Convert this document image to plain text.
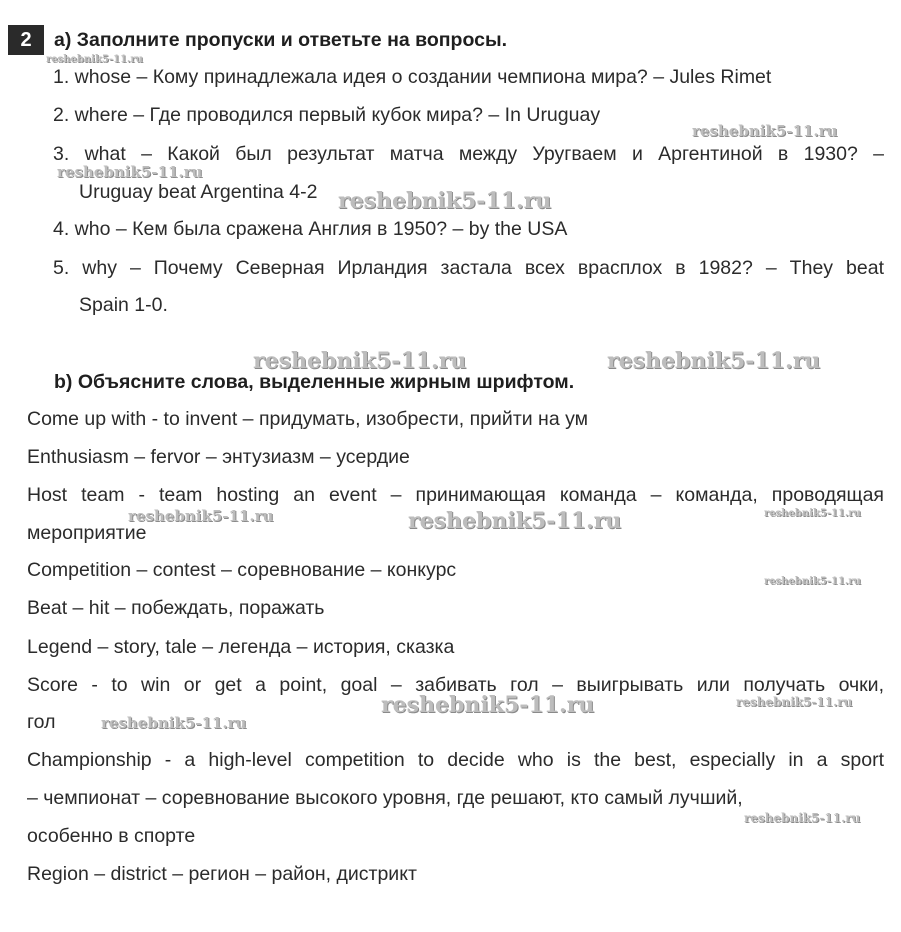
2	а) Заполните пропуски и ответьте на вопросы.
1. whose – Кому принадлежала идея о создании чемпиона мира? – Jules Rimet
2. where – Где проводился первый кубок мира? – In Uruguay
3. what – Какой был результат матча между Уругваем и Аргентиной в 1930? –
Uruguay beat Argentina 4-2
4. who – Кем была сражена Англия в 1950? – by the USA
5. why – Почему Северная Ирландия застала всех врасплох в 1982? – They beat
Spain 1-0.
b) Объясните слова, выделенные жирным шрифтом.
Come up with - to invent – придумать, изобрести, прийти на ум
Enthusiasm – fervor – энтузиазм – усердие
Host team - team hosting an event – принимающая команда – команда, проводящая
мероприятие
Competition – contest – соревнование – конкурс
Beat – hit – побеждать, поражать
Legend – story, tale – легенда – история, сказка
Score - to win or get a point, goal – забивать гол – выигрывать или получать очки,
гол
Championship - a high-level competition to decide who is the best, especially in a sport
– чемпионат – соревнование высокого уровня, где решают, кто самый лучший,
особенно в спорте
Region – district – регион – район, дистрикт
reshebnik5-11.ru
reshebnik5-11.ru
reshebnik5-11.ru
reshebnik5-11.ru
reshebnik5-11.ru	reshebnik5-11.ru
reshebnik5-11.ru	reshebnik5-11.ru	reshebnik5-11.ru
reshebnik5-11.ru
reshebnik5-11.ru	reshebnik5-11.ru
reshebnik5-11.ru
reshebnik5-11.ru
